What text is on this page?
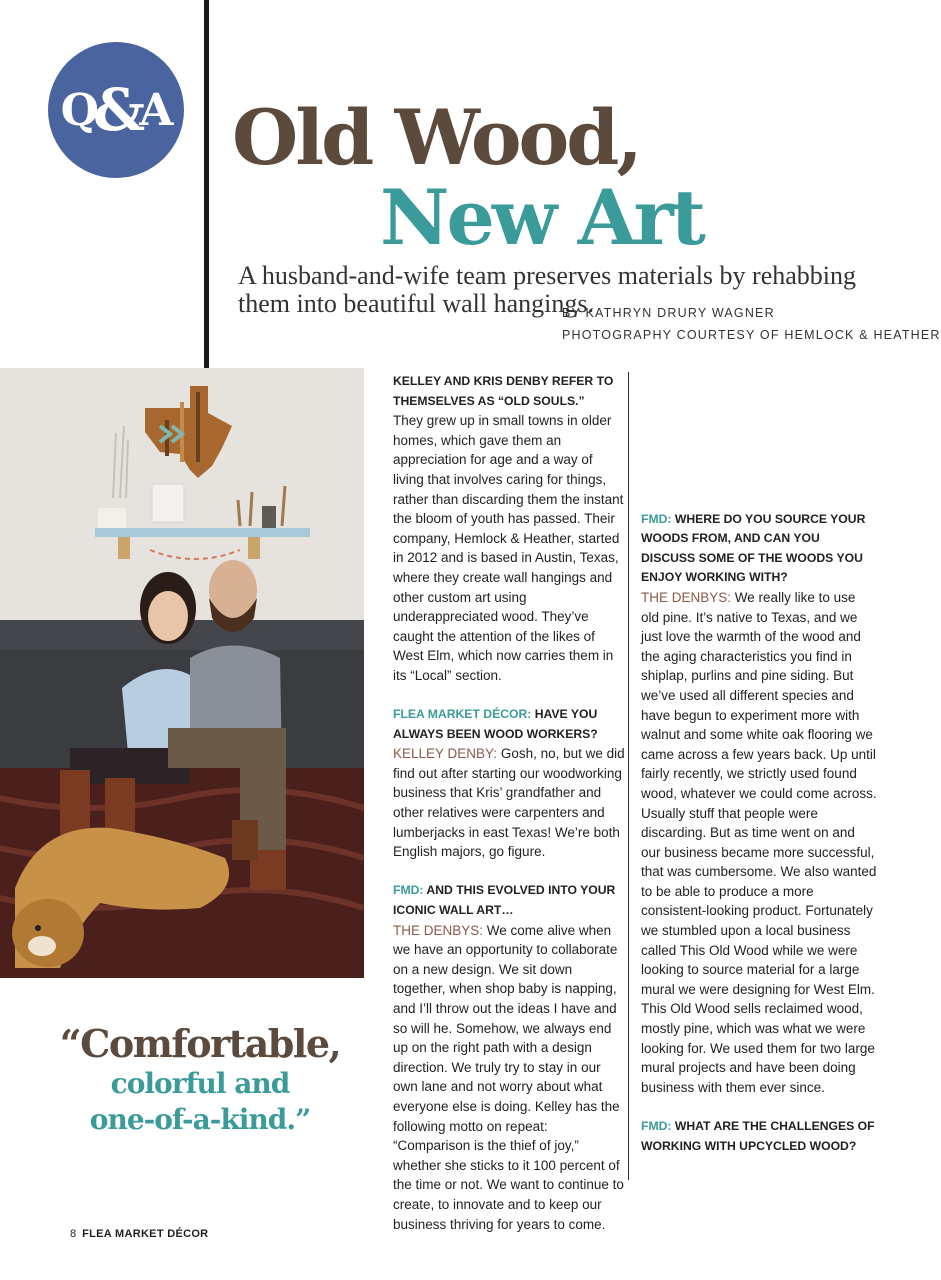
Q
&
A Old Wood,
New Art
A husband-and-wife team preserves materials by rehabbing them into beautiful wall hangings.
BY KATHRYN DRURY WAGNER
PHOTOGRAPHY COURTESY OF HEMLOCK & HEATHER
“Comfortable,
colorful and
one-of-a-kind.”

KELLEY AND KRIS DENBY REFER TO THEMSELVES AS “OLD SOULS.”

They grew up in small towns in older homes, which gave them an appreciation for age and a way of living that involves caring for things, rather than discarding them the instant the bloom of youth has passed. Their company, Hemlock & Heather, started in 2012 and is based in Austin, Texas, where they create wall hangings and other custom art using underappreciated wood. They’ve caught the attention of the likes of West Elm, which now carries them in its “Local” section.

FLEA MARKET DÉCOR: HAVE YOU ALWAYS BEEN WOOD WORKERS?

KELLEY DENBY: Gosh, no, but we did find out after starting our woodworking business that Kris’ grandfather and other relatives were carpenters and lumberjacks in east Texas! We’re both English majors, go figure.

FMD: AND THIS EVOLVED INTO YOUR ICONIC WALL ART…

THE DENBYS: We come alive when we have an opportunity to collaborate on a new design. We sit down together, when shop baby is napping, and I’ll throw out the ideas I have and so will he. Somehow, we always end up on the right path with a design direction. We truly try to stay in our own lane and not worry about what everyone else is doing. Kelley has the following motto on repeat: “Comparison is the thief of joy,” whether she sticks to it 100 percent of the time or not. We want to continue to create, to innovate and to keep our business thriving for years to come.

FMD: WHERE DO YOU SOURCE YOUR WOODS FROM, AND CAN YOU DISCUSS SOME OF THE WOODS YOU ENJOY WORKING WITH?

THE DENBYS: We really like to use old pine. It’s native to Texas, and we just love the warmth of the wood and the aging characteristics you find in shiplap, purlins and pine siding. But we’ve used all different species and have begun to experiment more with walnut and some white oak flooring we came across a few years back. Up until fairly recently, we strictly used found wood, whatever we could come across. Usually stuff that people were discarding. But as time went on and our business became more successful, that was cumbersome. We also wanted to be able to produce a more consistent-looking product. Fortunately we stumbled upon a local business called This Old Wood while we were looking to source material for a large mural we were designing for West Elm. This Old Wood sells reclaimed wood, mostly pine, which was what we were looking for. We used them for two large mural projects and have been doing business with them ever since.

FMD: WHAT ARE THE CHALLENGES OF WORKING WITH UPCYCLED WOOD?

8 FLEA MARKET DÉCOR
